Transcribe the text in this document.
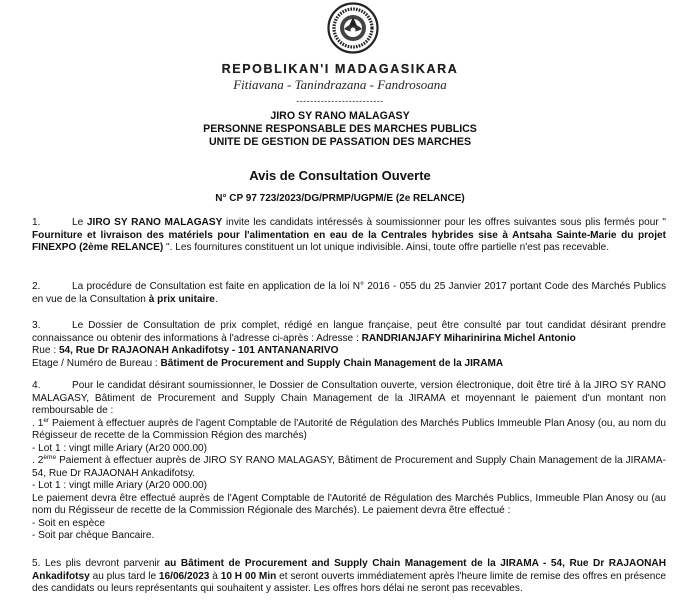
REPOBLIKAN'I MADAGASIKARA
Fitiavana - Tanindrazana - Fandrosoana
-------------------------
JIRO SY RANO MALAGASY
PERSONNE RESPONSABLE DES MARCHES PUBLICS
UNITE DE GESTION DE PASSATION DES MARCHES
Avis de Consultation Ouverte
N° CP 97 723/2023/DG/PRMP/UGPM/E (2e RELANCE)

1.	Le JIRO SY RANO MALAGASY invite les candidats intéressés à soumissionner pour les offres suivantes sous plis fermés pour " Fourniture et livraison des matériels pour l'alimentation en eau de la Centrales hybrides sise à Antsaha Sainte-Marie du projet FINEXPO (2ème RELANCE) ". Les fournitures constituent un lot unique indivisible. Ainsi, toute offre partielle n'est pas recevable.

2.	La procédure de Consultation est faite en application de la loi N° 2016 - 055 du 25 Janvier 2017 portant Code des Marchés Publics en vue de la Consultation à prix unitaire.

3.	Le Dossier de Consultation de prix complet, rédigé en langue française, peut être consulté par tout candidat désirant prendre connaissance ou obtenir des informations à l'adresse ci-après : Adresse : RANDRIANJAFY Miharinirina Michel Antonio

Rue : 54, Rue Dr RAJAONAH Ankadifotsy - 101 ANTANANARIVO

Etage / Numéro de Bureau : Bâtiment de Procurement and Supply Chain Management de la JIRAMA

4.	Pour le candidat désirant soumissionner, le Dossier de Consultation ouverte, version électronique, doit être tiré à la JIRO SY RANO MALAGASY, Bâtiment de Procurement and Supply Chain Management de la JIRAMA et moyennant le paiement d'un montant non remboursable de :

. 1er Paiement à effectuer auprès de l'agent Comptable de l'Autorité de Régulation des Marchés Publics Immeuble Plan Anosy (ou, au nom du Régisseur de recette de la Commission Région des marchés)

- Lot 1 : vingt mille Ariary (Ar20 000.00)

. 2ème Paiement à effectuer auprès de JIRO SY RANO MALAGASY, Bâtiment de Procurement and Supply Chain Management de la JIRAMA-54, Rue Dr RAJAONAH Ankadifotsy.

- Lot 1 : vingt mille Ariary (Ar20 000.00)

Le paiement devra être effectué auprès de l'Agent Comptable de l'Autorité de Régulation des Marchés Publics, Immeuble Plan Anosy ou (au nom du Régisseur de recette de la Commission Régionale des Marchés). Le paiement devra être effectué :

- Soit en espèce

- Soit par chèque Bancaire.

5. Les plis devront parvenir au Bâtiment de Procurement and Supply Chain Management de la JIRAMA - 54, Rue Dr RAJAONAH Ankadifotsy au plus tard le 16/06/2023 à 10 H 00 Min et seront ouverts immédiatement après l'heure limite de remise des offres en présence des candidats ou leurs représentants qui souhaitent y assister. Les offres hors délai ne seront pas recevables.
